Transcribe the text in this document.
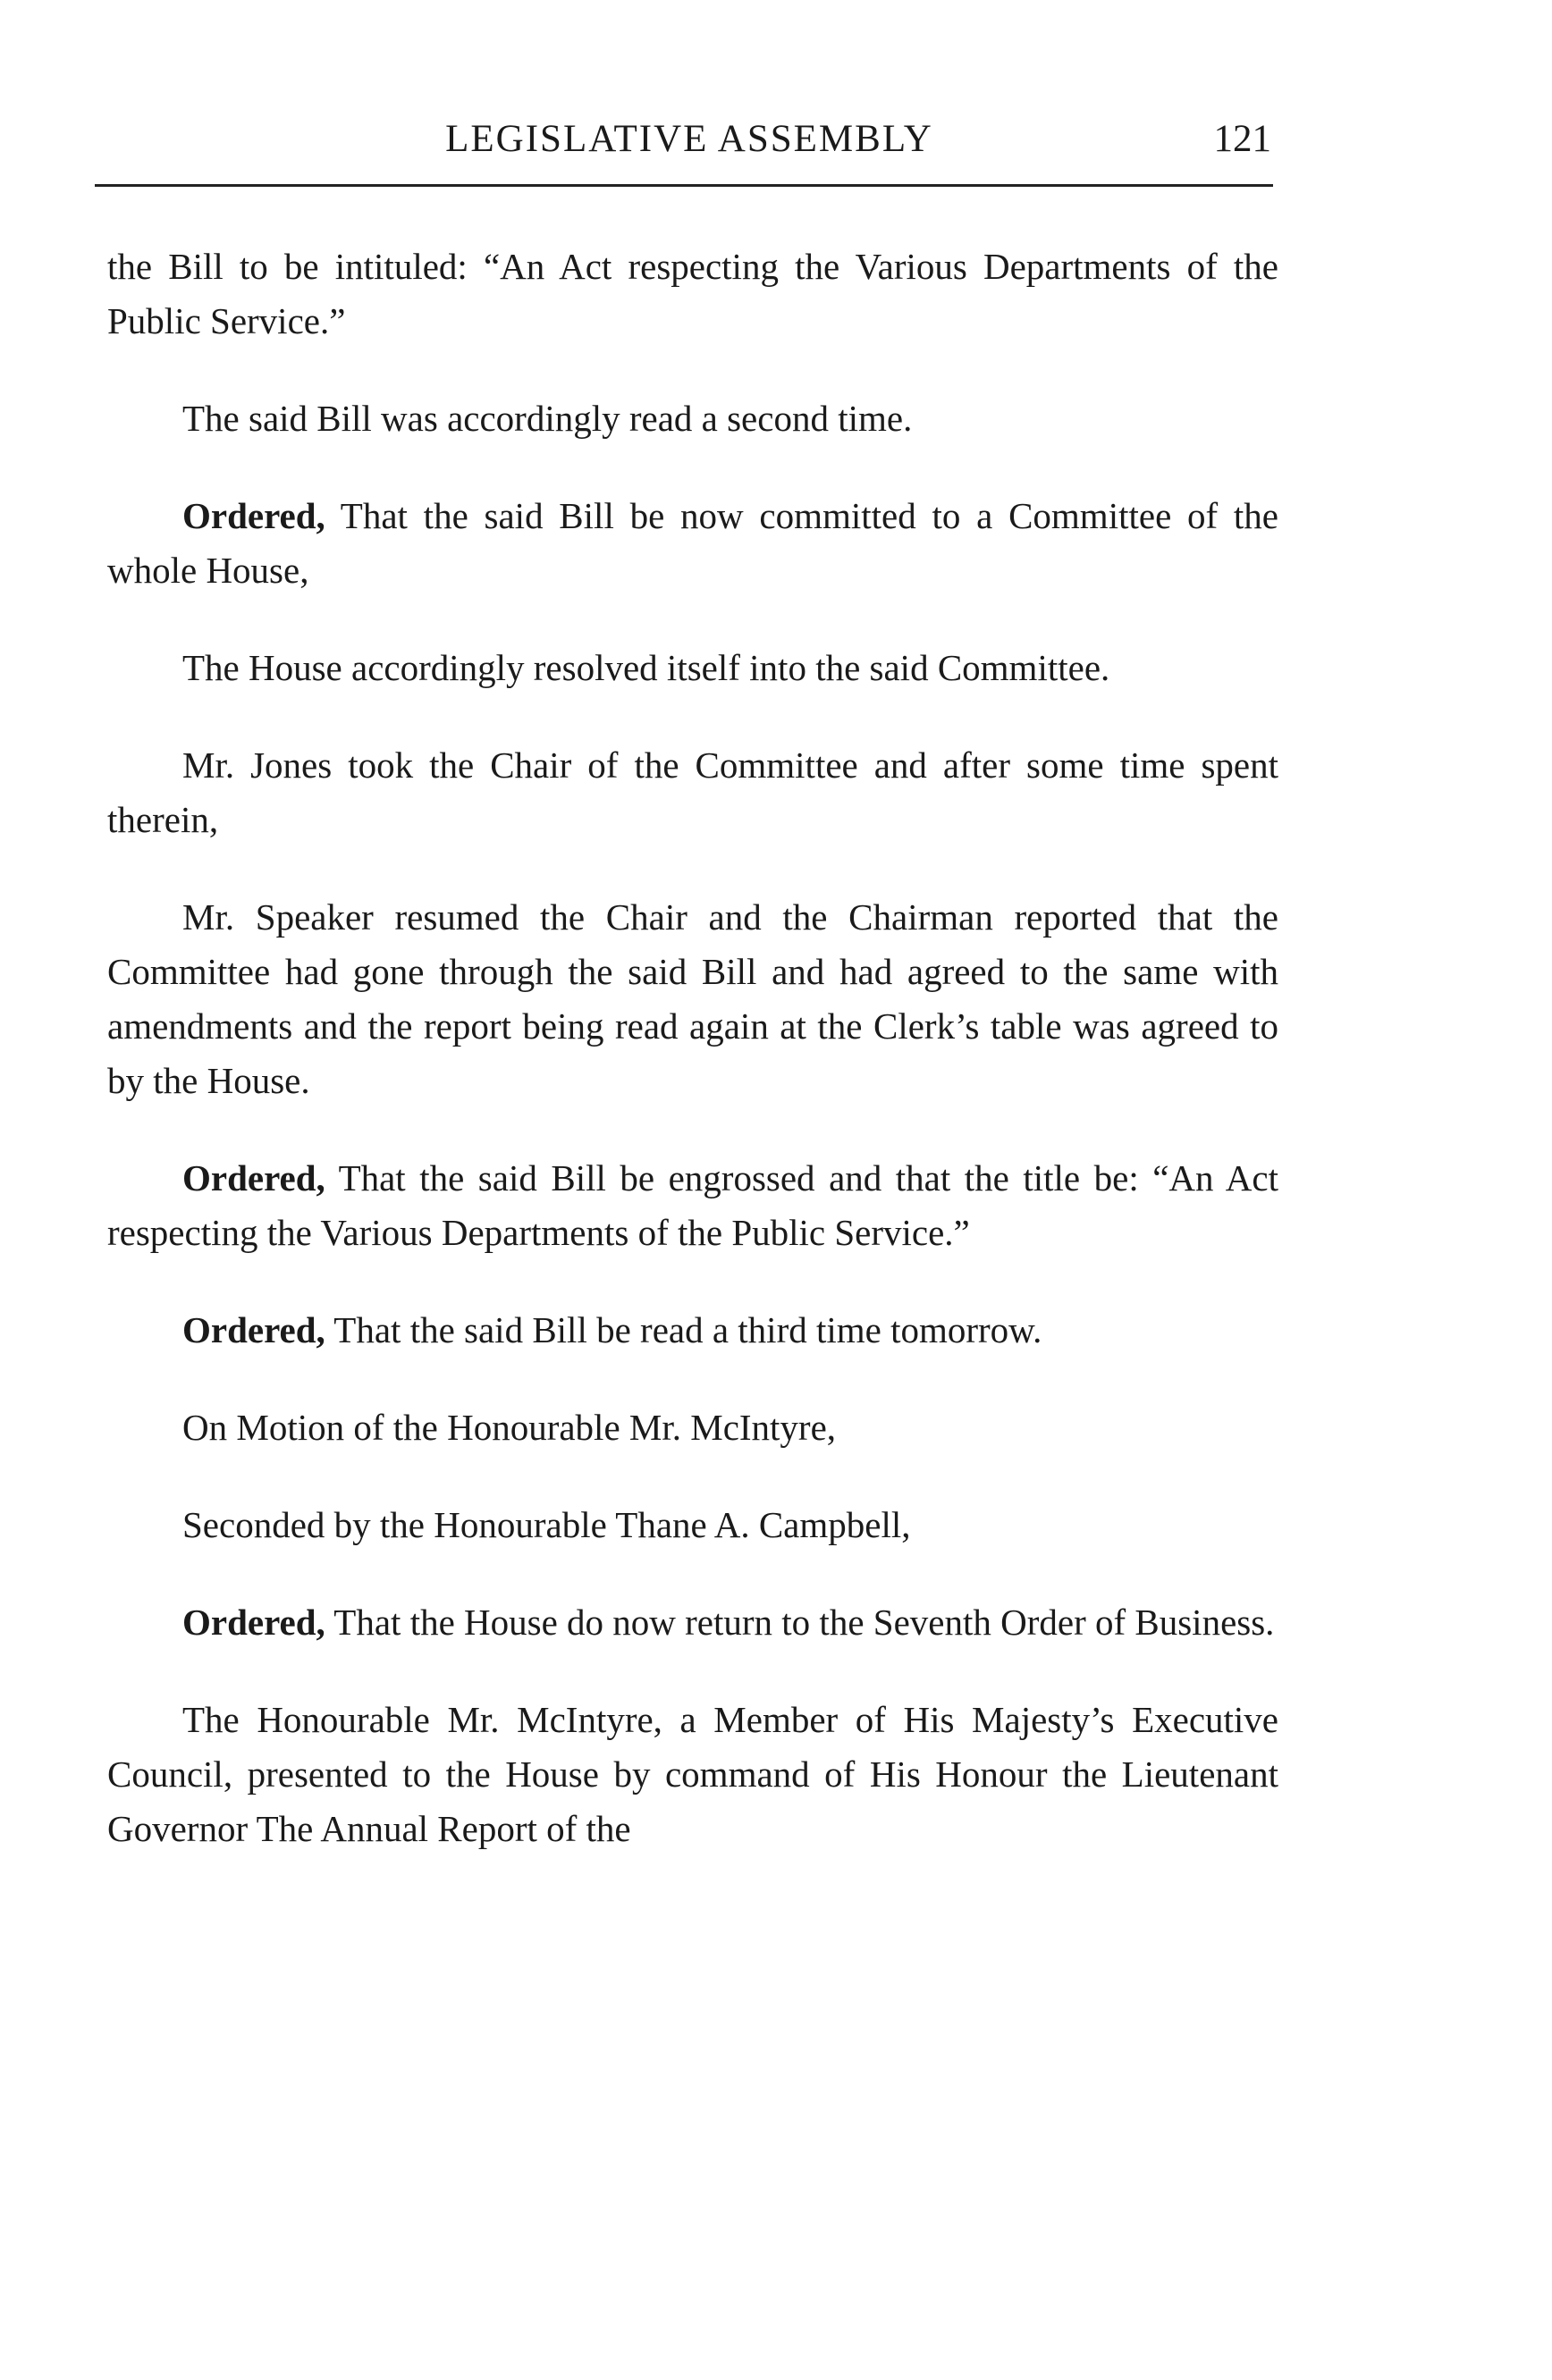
LEGISLATIVE ASSEMBLY	121

the Bill to be intituled: “An Act respecting the Various Departments of the Public Service.”

The said Bill was accordingly read a second time.

Ordered, That the said Bill be now committed to a Committee of the whole House,

The House accordingly resolved itself into the said Committee.

Mr. Jones took the Chair of the Committee and after some time spent therein,

Mr. Speaker resumed the Chair and the Chairman reported that the Committee had gone through the said Bill and had agreed to the same with amendments and the report being read again at the Clerk’s table was agreed to by the House.

Ordered, That the said Bill be engrossed and that the title be: “An Act respecting the Various Departments of the Public Service.”

Ordered, That the said Bill be read a third time tomorrow.

On Motion of the Honourable Mr. McIntyre,

Seconded by the Honourable Thane A. Campbell,

Ordered, That the House do now return to the Seventh Order of Business.

The Honourable Mr. McIntyre, a Member of His Majesty’s Executive Council, presented to the House by command of His Honour the Lieutenant Governor The Annual Report of the
